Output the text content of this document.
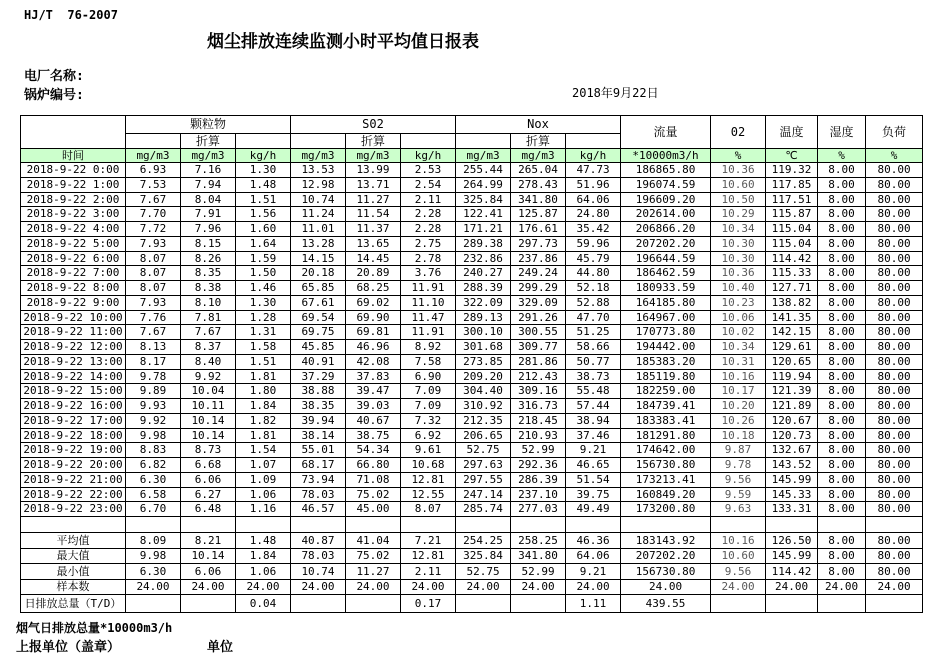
HJ/T  76-2007
烟尘排放连续监测小时平均值日报表
电厂名称:
锅炉编号:	2018年9月22日
	颗粒物			S02			Nox			流量	02	温度	湿度	负荷
		折算			折算			折算						
时间	mg/m3	mg/m3	kg/h	mg/m3	mg/m3	kg/h	mg/m3	mg/m3	kg/h	*10000m3/h	%	℃	%	%
2018-9-22 0:00	6.93	7.16	1.30	13.53	13.99	2.53	255.44	265.04	47.73	186865.80	10.36	119.32	8.00	80.00
2018-9-22 1:00	7.53	7.94	1.48	12.98	13.71	2.54	264.99	278.43	51.96	196074.59	10.60	117.85	8.00	80.00
2018-9-22 2:00	7.67	8.04	1.51	10.74	11.27	2.11	325.84	341.80	64.06	196609.20	10.50	117.51	8.00	80.00
2018-9-22 3:00	7.70	7.91	1.56	11.24	11.54	2.28	122.41	125.87	24.80	202614.00	10.29	115.87	8.00	80.00
2018-9-22 4:00	7.72	7.96	1.60	11.01	11.37	2.28	171.21	176.61	35.42	206866.20	10.34	115.04	8.00	80.00
2018-9-22 5:00	7.93	8.15	1.64	13.28	13.65	2.75	289.38	297.73	59.96	207202.20	10.30	115.04	8.00	80.00
2018-9-22 6:00	8.07	8.26	1.59	14.15	14.45	2.78	232.86	237.86	45.79	196644.59	10.30	114.42	8.00	80.00
2018-9-22 7:00	8.07	8.35	1.50	20.18	20.89	3.76	240.27	249.24	44.80	186462.59	10.36	115.33	8.00	80.00
2018-9-22 8:00	8.07	8.38	1.46	65.85	68.25	11.91	288.39	299.29	52.18	180933.59	10.40	127.71	8.00	80.00
2018-9-22 9:00	7.93	8.10	1.30	67.61	69.02	11.10	322.09	329.09	52.88	164185.80	10.23	138.82	8.00	80.00
2018-9-22 10:00	7.76	7.81	1.28	69.54	69.90	11.47	289.13	291.26	47.70	164967.00	10.06	141.35	8.00	80.00
2018-9-22 11:00	7.67	7.67	1.31	69.75	69.81	11.91	300.10	300.55	51.25	170773.80	10.02	142.15	8.00	80.00
2018-9-22 12:00	8.13	8.37	1.58	45.85	46.96	8.92	301.68	309.77	58.66	194442.00	10.34	129.61	8.00	80.00
2018-9-22 13:00	8.17	8.40	1.51	40.91	42.08	7.58	273.85	281.86	50.77	185383.20	10.31	120.65	8.00	80.00
2018-9-22 14:00	9.78	9.92	1.81	37.29	37.83	6.90	209.20	212.43	38.73	185119.80	10.16	119.94	8.00	80.00
2018-9-22 15:00	9.89	10.04	1.80	38.88	39.47	7.09	304.40	309.16	55.48	182259.00	10.17	121.39	8.00	80.00
2018-9-22 16:00	9.93	10.11	1.84	38.35	39.03	7.09	310.92	316.73	57.44	184739.41	10.20	121.89	8.00	80.00
2018-9-22 17:00	9.92	10.14	1.82	39.94	40.67	7.32	212.35	218.45	38.94	183383.41	10.26	120.67	8.00	80.00
2018-9-22 18:00	9.98	10.14	1.81	38.14	38.75	6.92	206.65	210.93	37.46	181291.80	10.18	120.73	8.00	80.00
2018-9-22 19:00	8.83	8.73	1.54	55.01	54.34	9.61	52.75	52.99	9.21	174642.00	9.87	132.67	8.00	80.00
2018-9-22 20:00	6.82	6.68	1.07	68.17	66.80	10.68	297.63	292.36	46.65	156730.80	9.78	143.52	8.00	80.00
2018-9-22 21:00	6.30	6.06	1.09	73.94	71.08	12.81	297.55	286.39	51.54	173213.41	9.56	145.99	8.00	80.00
2018-9-22 22:00	6.58	6.27	1.06	78.03	75.02	12.55	247.14	237.10	39.75	160849.20	9.59	145.33	8.00	80.00
2018-9-22 23:00	6.70	6.48	1.16	46.57	45.00	8.07	285.74	277.03	49.49	173200.80	9.63	133.31	8.00	80.00

平均值	8.09	8.21	1.48	40.87	41.04	7.21	254.25	258.25	46.36	183143.92	10.16	126.50	8.00	80.00
最大值	9.98	10.14	1.84	78.03	75.02	12.81	325.84	341.80	64.06	207202.20	10.60	145.99	8.00	80.00
最小值	6.30	6.06	1.06	10.74	11.27	2.11	52.75	52.99	9.21	156730.80	9.56	114.42	8.00	80.00
样本数	24.00	24.00	24.00	24.00	24.00	24.00	24.00	24.00	24.00	24.00	24.00	24.00	24.00	24.00
日排放总量（T/D）			0.04			0.17			1.11	439.55				
烟气日排放总量*10000m3/h
上报单位（盖章）	单位
